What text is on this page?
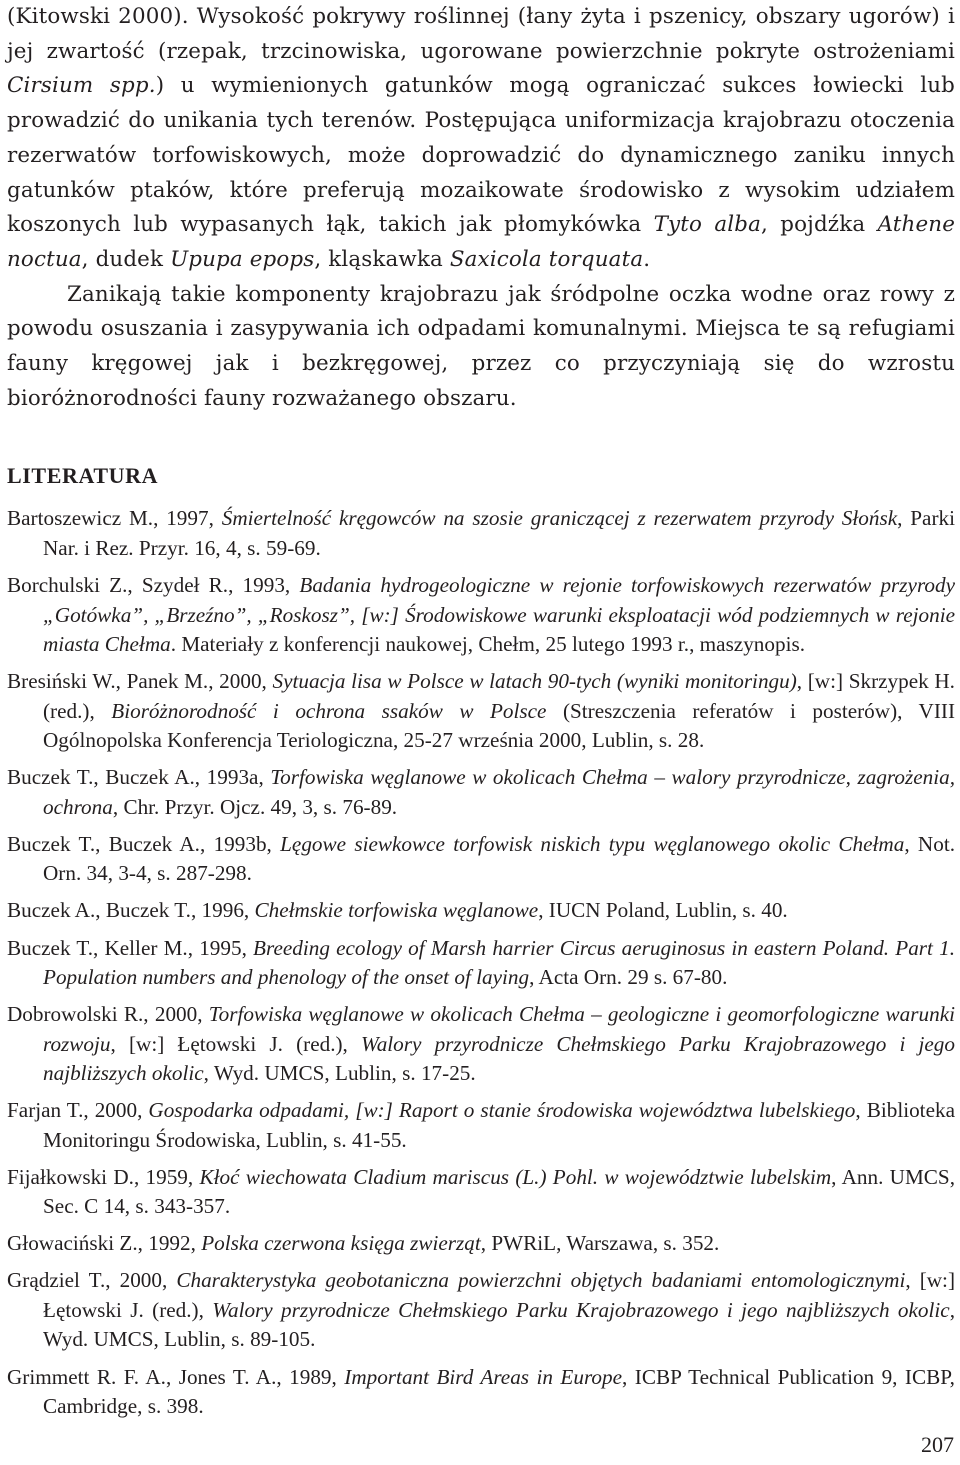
(Kitowski 2000). Wysokość pokrywy roślinnej (łany żyta i pszenicy, obszary ugorów) i jej zwartość (rzepak, trzcinowiska, ugorowane powierzchnie pokryte ostrożeniami Cirsium spp.) u wymienionych gatunków mogą ograniczać sukces łowiecki lub prowadzić do unikania tych terenów. Postępująca uniformizacja krajobrazu otoczenia rezerwatów torfowiskowych, może doprowadzić do dynamicznego zaniku innych gatunków ptaków, które preferują mozaikowate środowisko z wysokim udziałem koszonych lub wypasanych łąk, takich jak płomykówka Tyto alba, pojdźka Athene noctua, dudek Upupa epops, kląskawka Saxicola torquata.

Zanikają takie komponenty krajobrazu jak śródpolne oczka wodne oraz rowy z powodu osuszania i zasypywania ich odpadami komunalnymi. Miejsca te są refugiami fauny kręgowej jak i bezkręgowej, przez co przyczyniają się do wzrostu bioróżnorodności fauny rozważanego obszaru.

LITERATURA

Bartoszewicz M., 1997, Śmiertelność kręgowców na szosie graniczącej z rezerwatem przyrody Słońsk, Parki Nar. i Rez. Przyr. 16, 4, s. 59-69.

Borchulski Z., Szydeł R., 1993, Badania hydrogeologiczne w rejonie torfowiskowych rezerwatów przyrody „Gotówka”, „Brzeźno”, „Roskosz”, [w:] Środowiskowe warunki eksploatacji wód podziemnych w rejonie miasta Chełma. Materiały z konferencji naukowej, Chełm, 25 lutego 1993 r., maszynopis.

Bresiński W., Panek M., 2000, Sytuacja lisa w Polsce w latach 90-tych (wyniki monitoringu), [w:] Skrzypek H. (red.), Bioróżnorodność i ochrona ssaków w Polsce (Streszczenia referatów i posterów), VIII Ogólnopolska Konferencja Teriologiczna, 25-27 września 2000, Lublin, s. 28.

Buczek T., Buczek A., 1993a, Torfowiska węglanowe w okolicach Chełma – walory przyrodnicze, zagrożenia, ochrona, Chr. Przyr. Ojcz. 49, 3, s. 76-89.

Buczek T., Buczek A., 1993b, Lęgowe siewkowce torfowisk niskich typu węglanowego okolic Chełma, Not. Orn. 34, 3-4, s. 287-298.

Buczek A., Buczek T., 1996, Chełmskie torfowiska węglanowe, IUCN Poland, Lublin, s. 40.

Buczek T., Keller M., 1995, Breeding ecology of Marsh harrier Circus aeruginosus in eastern Poland. Part 1. Population numbers and phenology of the onset of laying, Acta Orn. 29 s. 67-80.

Dobrowolski R., 2000, Torfowiska węglanowe w okolicach Chełma – geologiczne i geomorfologiczne warunki rozwoju, [w:] Łętowski J. (red.), Walory przyrodnicze Chełmskiego Parku Krajobrazowego i jego najbliższych okolic, Wyd. UMCS, Lublin, s. 17-25.

Farjan T., 2000, Gospodarka odpadami, [w:] Raport o stanie środowiska województwa lubelskiego, Biblioteka Monitoringu Środowiska, Lublin, s. 41-55.

Fijałkowski D., 1959, Kłoć wiechowata Cladium mariscus (L.) Pohl. w województwie lubelskim, Ann. UMCS, Sec. C 14, s. 343-357.

Głowaciński Z., 1992, Polska czerwona księga zwierząt, PWRiL, Warszawa, s. 352.

Grądziel T., 2000, Charakterystyka geobotaniczna powierzchni objętych badaniami entomologicznymi, [w:] Łętowski J. (red.), Walory przyrodnicze Chełmskiego Parku Krajobrazowego i jego najbliższych okolic, Wyd. UMCS, Lublin, s. 89-105.

Grimmett R. F. A., Jones T. A., 1989, Important Bird Areas in Europe, ICBP Technical Publication 9, ICBP, Cambridge, s. 398.

207
